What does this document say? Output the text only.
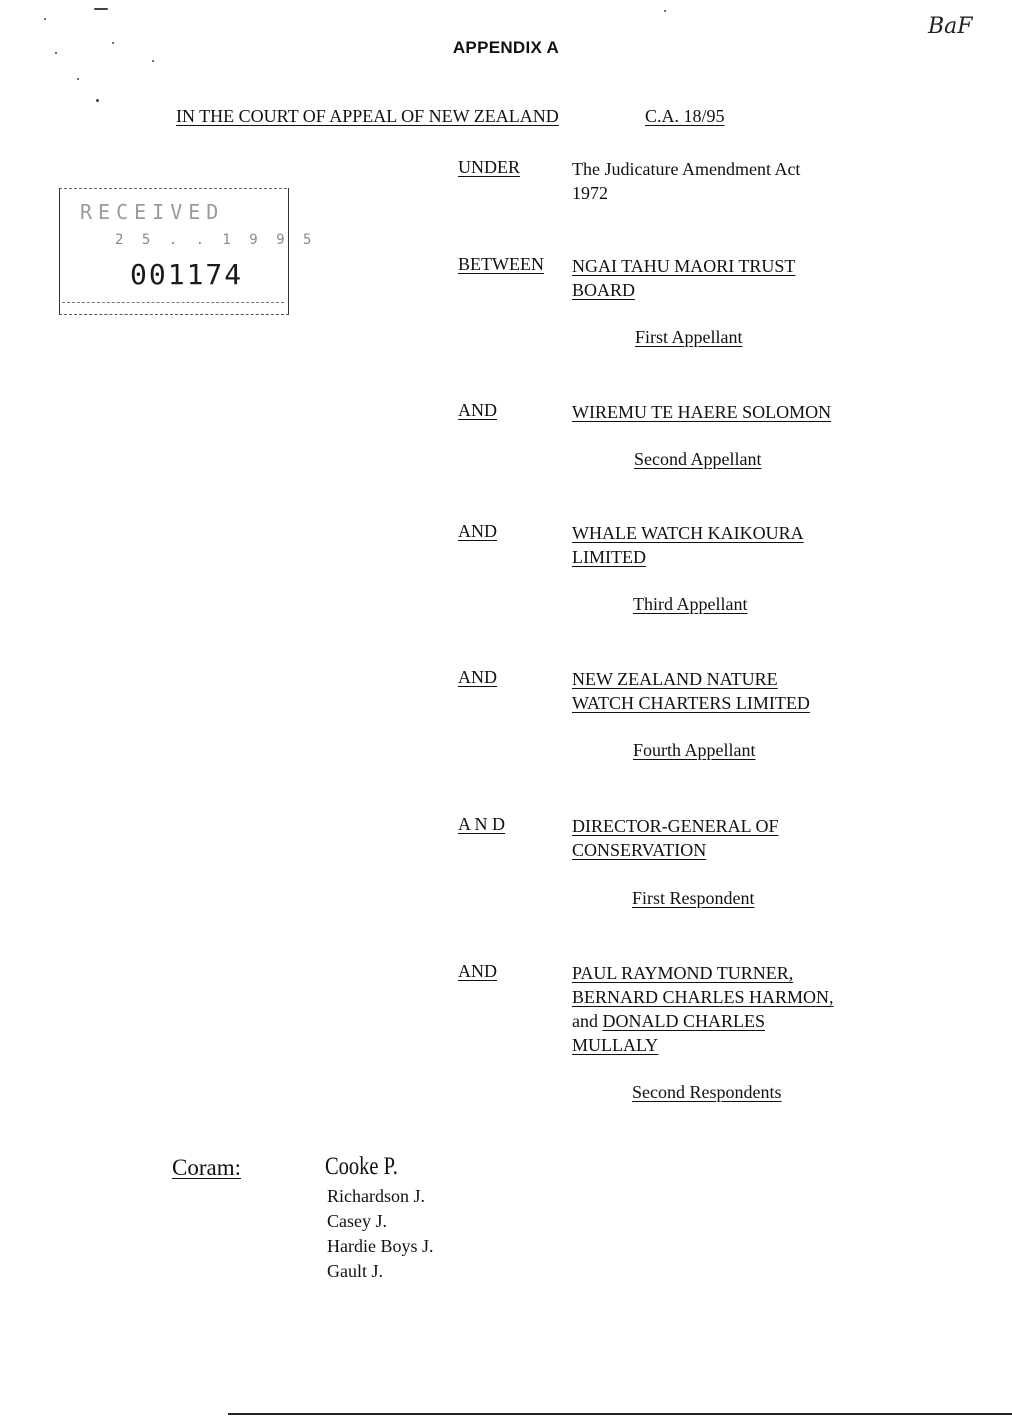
APPENDIX A
BaF
IN THE COURT OF APPEAL OF NEW ZEALAND	C.A. 18/95
RECEIVED
2 5 . . 1 9 9 5
001174
UNDER	The Judicature Amendment Act
1972
BETWEEN NGAI TAHU MAORI TRUST
BOARD
First Appellant
AND	WIREMU TE HAERE SOLOMON
Second Appellant
AND	WHALE WATCH KAIKOURA
LIMITED
Third Appellant
AND	NEW ZEALAND NATURE
WATCH CHARTERS LIMITED
Fourth Appellant
A N D	DIRECTOR-GENERAL OF
CONSERVATION
First Respondent
AND	PAUL RAYMOND TURNER,
BERNARD CHARLES HARMON,
and DONALD CHARLES
MULLALY
Second Respondents
Coram:	Cooke P.
Richardson J.
Casey J.
Hardie Boys J.
Gault J.
